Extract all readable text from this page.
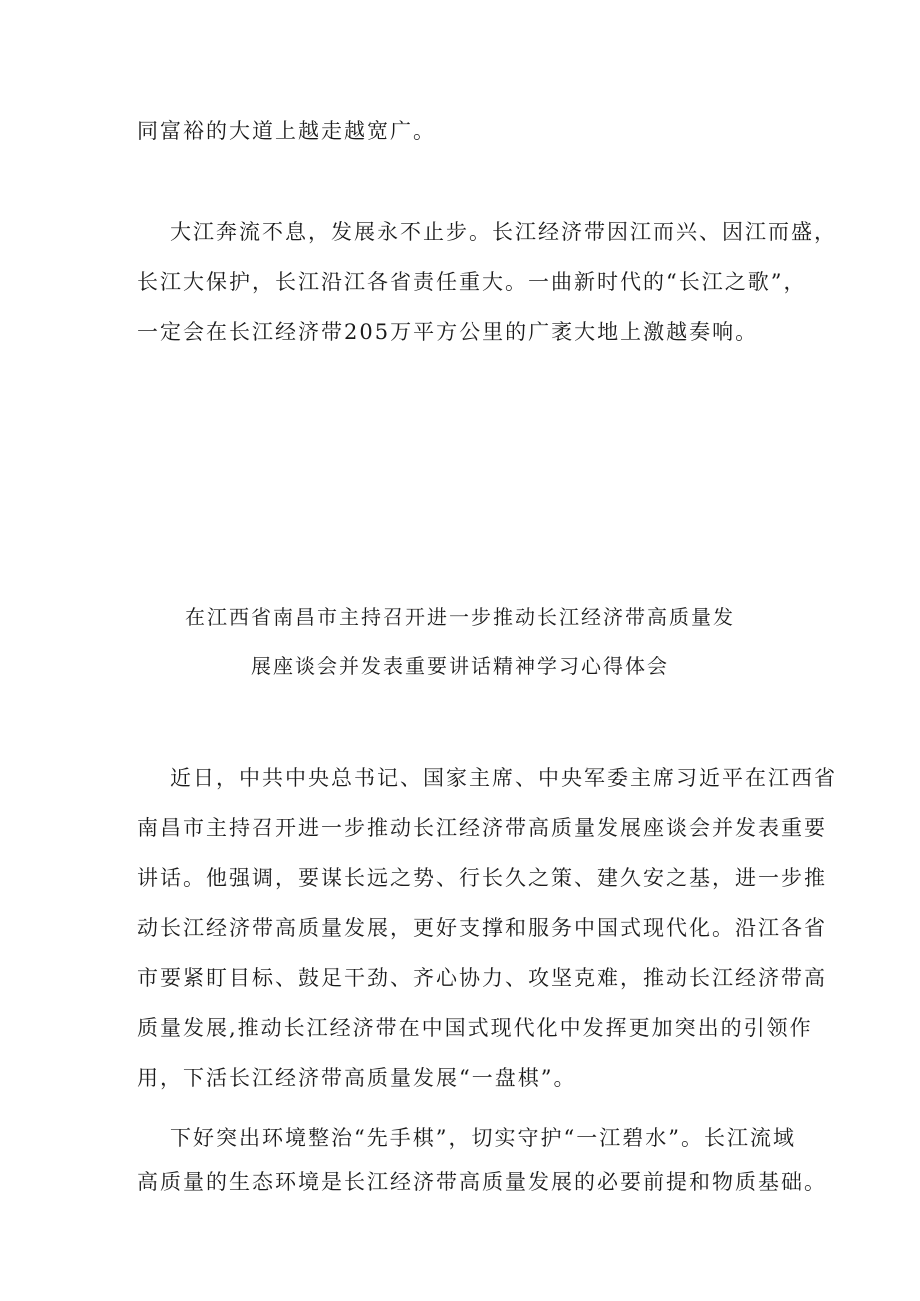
同富裕的大道上越走越宽广。

大江奔流不息，发展永不止步。长江经济带因江而兴、因江而盛，

长江大保护，长江沿江各省责任重大。一曲新时代的“长江之歌”，

一定会在长江经济带205万平方公里的广袤大地上激越奏响。

在江西省南昌市主持召开进一步推动长江经济带高质量发

展座谈会并发表重要讲话精神学习心得体会

近日，中共中央总书记、国家主席、中央军委主席习近平在江西省

南昌市主持召开进一步推动长江经济带高质量发展座谈会并发表重要

讲话。他强调，要谋长远之势、行长久之策、建久安之基，进一步推

动长江经济带高质量发展，更好支撑和服务中国式现代化。沿江各省

市要紧盯目标、鼓足干劲、齐心协力、攻坚克难，推动长江经济带高

质量发展,推动长江经济带在中国式现代化中发挥更加突出的引领作

用，下活长江经济带高质量发展“一盘棋”。

下好突出环境整治“先手棋”，切实守护“一江碧水”。长江流域

高质量的生态环境是长江经济带高质量发展的必要前提和物质基础。
